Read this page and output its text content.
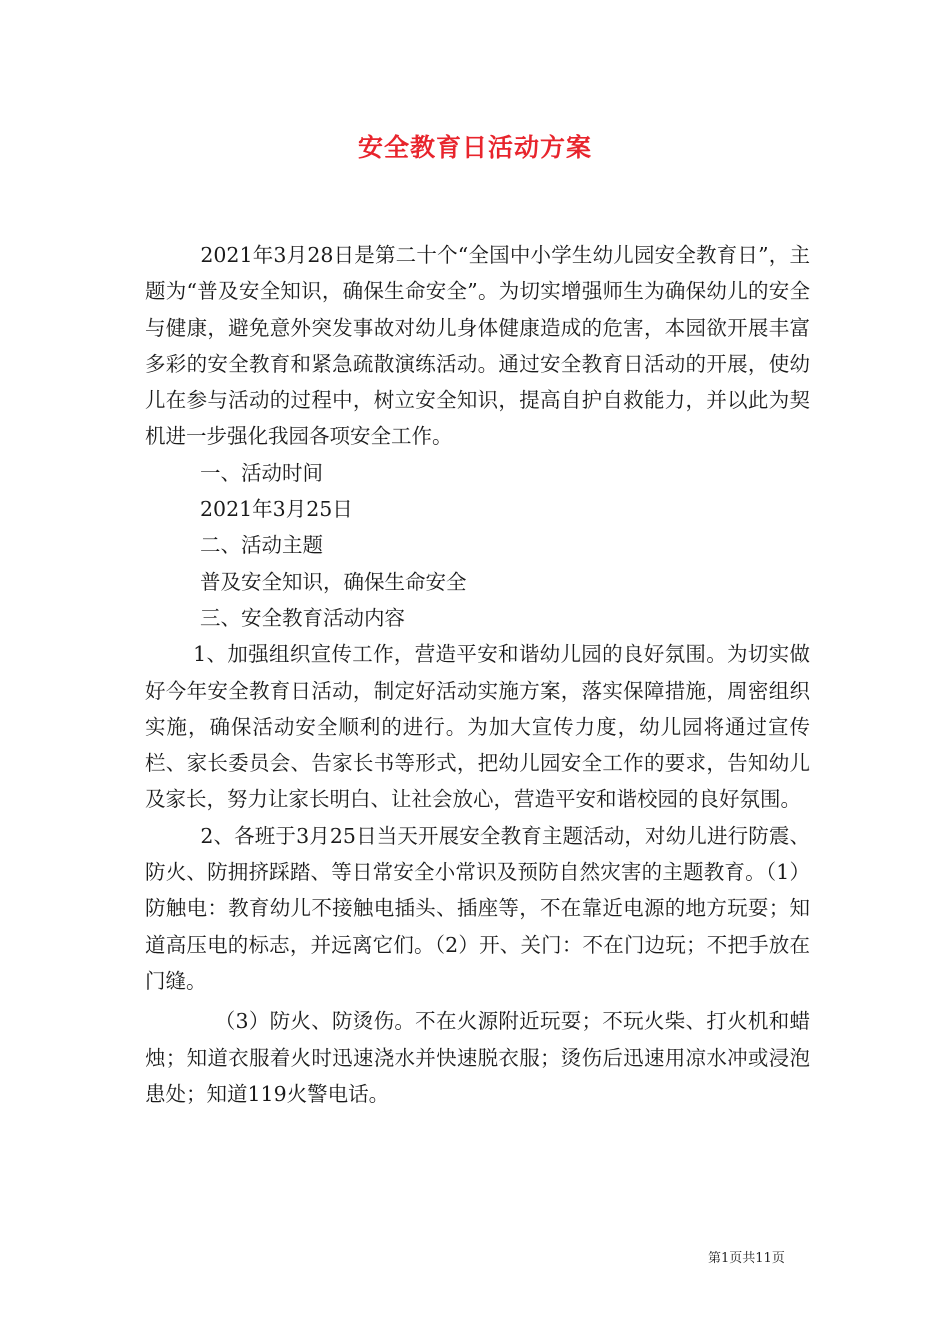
安全教育日活动方案

2021年3月28日是第二十个“全国中小学生幼儿园安全教育日”，主题为“普及安全知识，确保生命安全”。为切实增强师生为确保幼儿的安全与健康，避免意外突发事故对幼儿身体健康造成的危害，本园欲开展丰富多彩的安全教育和紧急疏散演练活动。通过安全教育日活动的开展，使幼儿在参与活动的过程中，树立安全知识，提高自护自救能力，并以此为契机进一步强化我园各项安全工作。

一、活动时间

2021年3月25日

二、活动主题

普及安全知识，确保生命安全

三、安全教育活动内容

1、加强组织宣传工作，营造平安和谐幼儿园的良好氛围。为切实做好今年安全教育日活动，制定好活动实施方案，落实保障措施，周密组织实施，确保活动安全顺利的进行。为加大宣传力度，幼儿园将通过宣传栏、家长委员会、告家长书等形式，把幼儿园安全工作的要求，告知幼儿及家长，努力让家长明白、让社会放心，营造平安和谐校园的良好氛围。

2、各班于3月25日当天开展安全教育主题活动，对幼儿进行防震、防火、防拥挤踩踏、等日常安全小常识及预防自然灾害的主题教育。（1）防触电：教育幼儿不接触电插头、插座等，不在靠近电源的地方玩耍；知道高压电的标志，并远离它们。（2）开、关门：不在门边玩；不把手放在门缝。

（3）防火、防烫伤。不在火源附近玩耍；不玩火柴、打火机和蜡烛；知道衣服着火时迅速浇水并快速脱衣服；烫伤后迅速用凉水冲或浸泡患处；知道119火警电话。

第1页共11页
